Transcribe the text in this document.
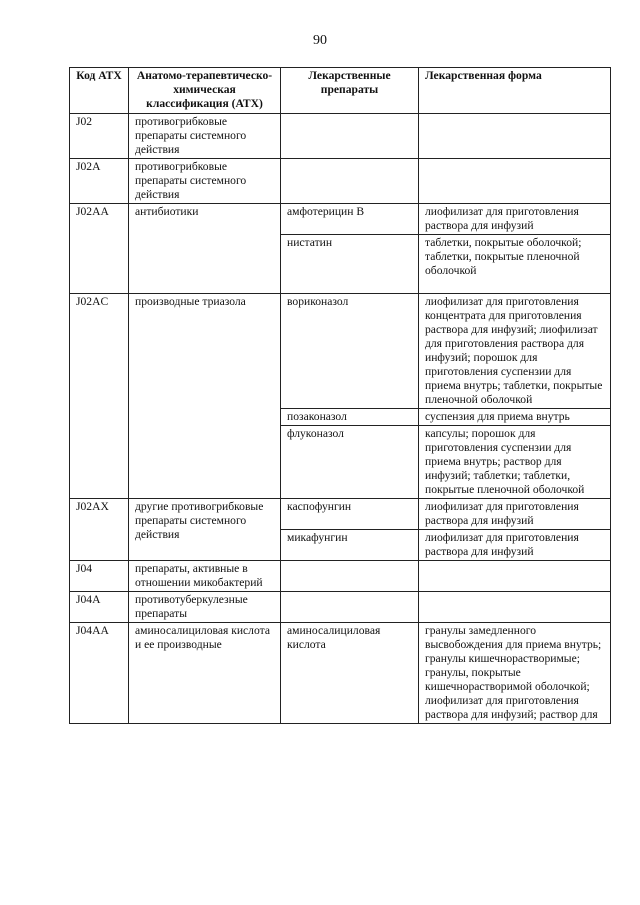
90
Код АТХ	Анатомо-терапевтическо-химическая классификация (АТХ)	Лекарственные препараты	Лекарственная форма
J02	противогрибковые препараты системного действия		
J02A	противогрибковые препараты системного действия		
J02AA	антибиотики	амфотерицин B	лиофилизат для приготовления раствора для инфузий
		нистатин	таблетки, покрытые оболочкой; таблетки, покрытые пленочной оболочкой
J02AC	производные триазола	вориконазол	лиофилизат для приготовления концентрата для приготовления раствора для инфузий; лиофилизат для приготовления раствора для инфузий; порошок для приготовления суспензии для приема внутрь; таблетки, покрытые пленочной оболочкой
		позаконазол	суспензия для приема внутрь
		флуконазол	капсулы; порошок для приготовления суспензии для приема внутрь; раствор для инфузий; таблетки; таблетки, покрытые пленочной оболочкой
J02AX	другие противогрибковые препараты системного действия	каспофунгин	лиофилизат для приготовления раствора для инфузий
		микафунгин	лиофилизат для приготовления раствора для инфузий
J04	препараты, активные в отношении микобактерий		
J04A	противотуберкулезные препараты		
J04AA	аминосалициловая кислота и ее производные	аминосалициловая кислота	гранулы замедленного высвобождения для приема внутрь; гранулы кишечнорастворимые; гранулы, покрытые кишечнорастворимой оболочкой; лиофилизат для приготовления раствора для инфузий; раствор для
